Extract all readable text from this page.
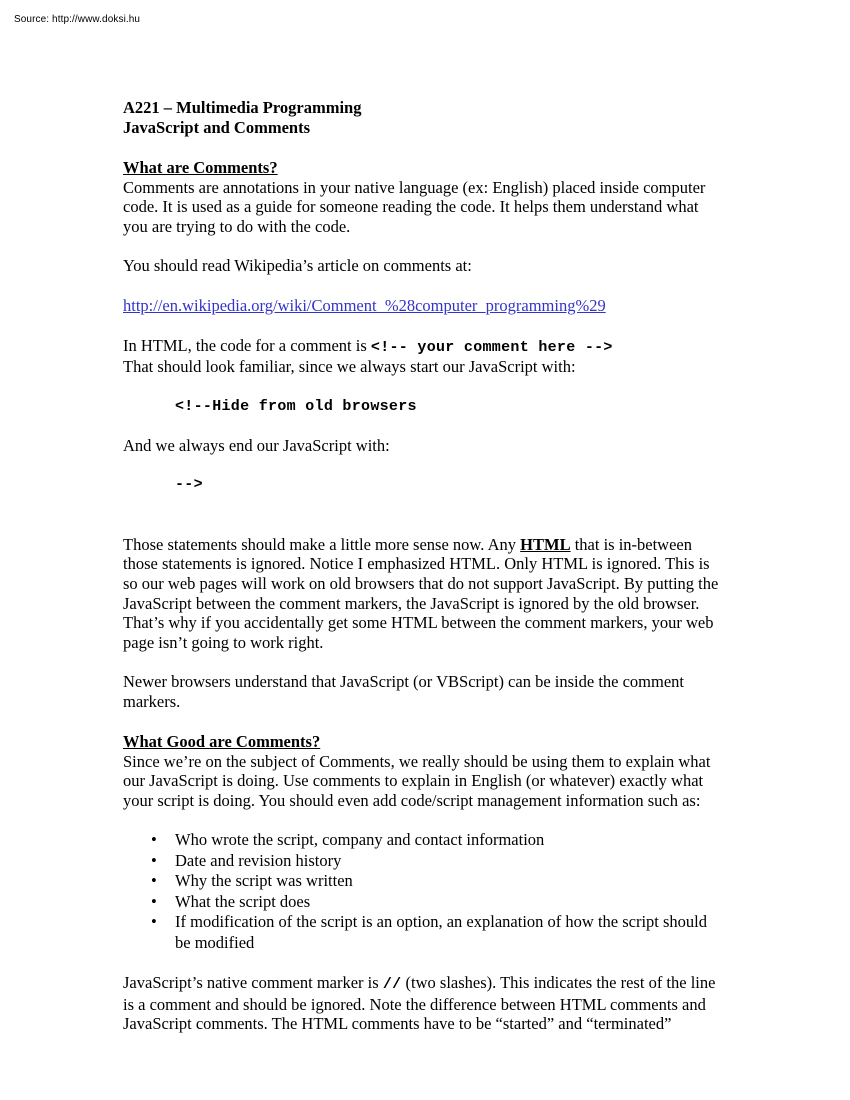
Source: http://www.doksi.hu
A221 – Multimedia Programming
JavaScript and Comments
What are Comments?

Comments are annotations in your native language (ex: English) placed inside computer code. It is used as a guide for someone reading the code. It helps them understand what you are trying to do with the code.

You should read Wikipedia’s article on comments at:

http://en.wikipedia.org/wiki/Comment_%28computer_programming%29

In HTML, the code for a comment is <!-- your comment here -->

That should look familiar, since we always start our JavaScript with:

<!--Hide from old browsers

And we always end our JavaScript with:

-->

Those statements should make a little more sense now. Any HTML that is in-between those statements is ignored. Notice I emphasized HTML. Only HTML is ignored. This is so our web pages will work on old browsers that do not support JavaScript. By putting the JavaScript between the comment markers, the JavaScript is ignored by the old browser. That’s why if you accidentally get some HTML between the comment markers, your web page isn’t going to work right.

Newer browsers understand that JavaScript (or VBScript) can be inside the comment markers.

What Good are Comments?

Since we’re on the subject of Comments, we really should be using them to explain what our JavaScript is doing. Use comments to explain in English (or whatever) exactly what your script is doing. You should even add code/script management information such as:

• Who wrote the script, company and contact information
• Date and revision history
• Why the script was written
• What the script does
• If modification of the script is an option, an explanation of how the script should be modified

JavaScript’s native comment marker is // (two slashes). This indicates the rest of the line is a comment and should be ignored. Note the difference between HTML comments and JavaScript comments. The HTML comments have to be “started” and “terminated”
